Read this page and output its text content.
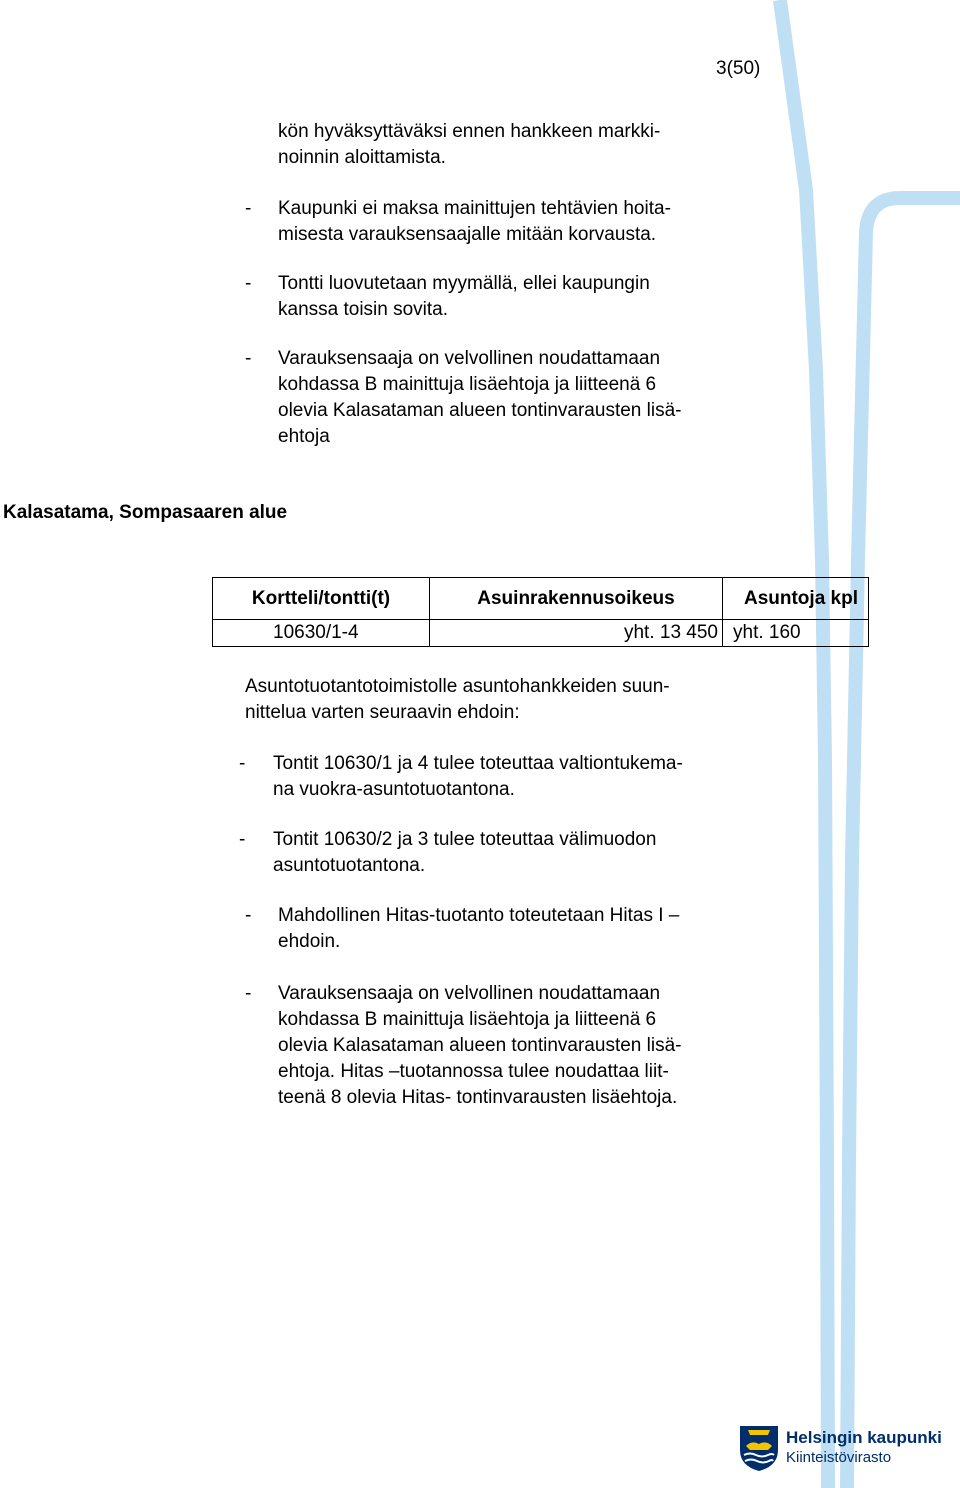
3(50)

kön hyväksyttäväksi ennen hankkeen markki-

noinnin aloittamista.

- Kaupunki ei maksa mainittujen tehtävien hoita-

misesta varauksensaajalle mitään korvausta.

- Tontti luovutetaan myymällä, ellei kaupungin

kanssa toisin sovita.

- Varauksensaaja on velvollinen noudattamaan

kohdassa B mainittuja lisäehtoja ja liitteenä 6

olevia Kalasataman alueen tontinvarausten lisä-

ehtoja

Kalasatama, Sompasaaren alue
Kortteli/tontti(t)	Asuinrakennusoikeus	Asuntoja kpl
10630/1-4	yht. 13 450	yht. 160

Asuntotuotantotoimistolle asuntohankkeiden suun-

nittelua varten seuraavin ehdoin:

- Tontit 10630/1 ja 4 tulee toteuttaa valtiontukema-

na vuokra-asuntotuotantona.

- Tontit 10630/2 ja 3 tulee toteuttaa välimuodon

asuntotuotantona.

- Mahdollinen Hitas-tuotanto toteutetaan Hitas I –

ehdoin.

- Varauksensaaja on velvollinen noudattamaan

kohdassa B mainittuja lisäehtoja ja liitteenä 6

olevia Kalasataman alueen tontinvarausten lisä-

ehtoja. Hitas –tuotannossa tulee noudattaa liit-

teenä 8 olevia Hitas- tontinvarausten lisäehtoja.

Helsingin kaupunki
Kiinteistövirasto
